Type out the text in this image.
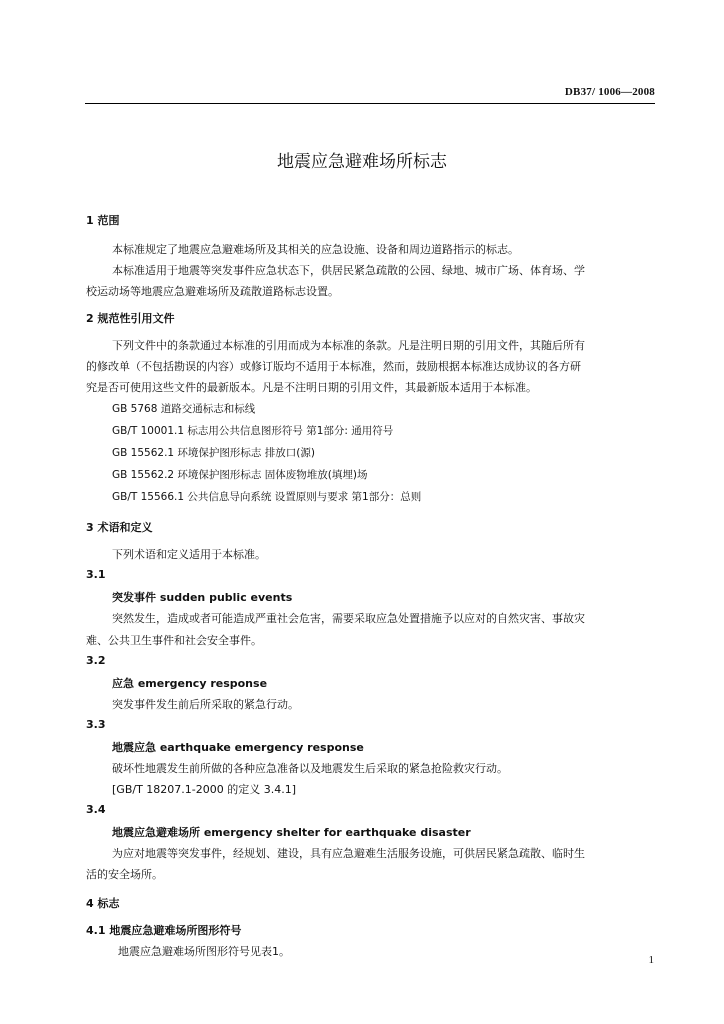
DB37/ 1006—2008
地震应急避难场所标志
1 范围
本标准规定了地震应急避难场所及其相关的应急设施、设备和周边道路指示的标志。
本标准适用于地震等突发事件应急状态下，供居民紧急疏散的公园、绿地、城市广场、体育场、学
校运动场等地震应急避难场所及疏散道路标志设置。
2 规范性引用文件
下列文件中的条款通过本标准的引用而成为本标准的条款。凡是注明日期的引用文件，其随后所有
的修改单（不包括勘误的内容）或修订版均不适用于本标准，然而，鼓励根据本标准达成协议的各方研
究是否可使用这些文件的最新版本。凡是不注明日期的引用文件，其最新版本适用于本标准。
GB 5768 道路交通标志和标线
GB/T 10001.1 标志用公共信息图形符号 第1部分: 通用符号
GB 15562.1 环境保护图形标志 排放口(源)
GB 15562.2 环境保护图形标志 固体废物堆放(填埋)场
GB/T 15566.1 公共信息导向系统 设置原则与要求 第1部分：总则
3 术语和定义
下列术语和定义适用于本标准。
3.1
突发事件 sudden public events
突然发生，造成或者可能造成严重社会危害，需要采取应急处置措施予以应对的自然灾害、事故灾
难、公共卫生事件和社会安全事件。
3.2
应急 emergency response
突发事件发生前后所采取的紧急行动。
3.3
地震应急 earthquake emergency response
破坏性地震发生前所做的各种应急准备以及地震发生后采取的紧急抢险救灾行动。
[GB/T 18207.1-2000 的定义 3.4.1]
3.4
地震应急避难场所 emergency shelter for earthquake disaster
为应对地震等突发事件，经规划、建设，具有应急避难生活服务设施，可供居民紧急疏散、临时生
活的安全场所。
4 标志
4.1 地震应急避难场所图形符号
地震应急避难场所图形符号见表1。
1
